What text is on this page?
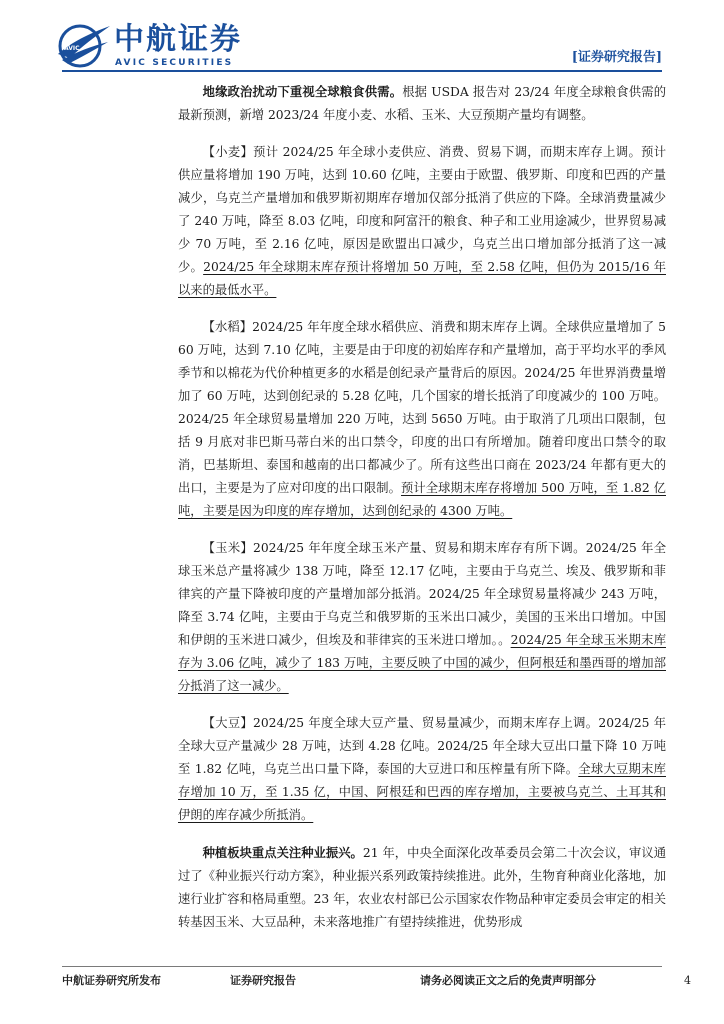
AVIC 中航证券
AVIC SECURITIES	[证券研究报告]

地缘政治扰动下重视全球粮食供需。根据 USDA 报告对 23/24 年度全球粮食供需的最新预测，新增 2023/24 年度小麦、水稻、玉米、大豆预期产量均有调整。

【小麦】预计 2024/25 年全球小麦供应、消费、贸易下调，而期末库存上调。预计供应量将增加 190 万吨，达到 10.60 亿吨，主要由于欧盟、俄罗斯、印度和巴西的产量减少，乌克兰产量增加和俄罗斯初期库存增加仅部分抵消了供应的下降。全球消费量减少了 240 万吨，降至 8.03 亿吨，印度和阿富汗的粮食、种子和工业用途减少，世界贸易减少 70 万吨，至 2.16 亿吨，原因是欧盟出口减少，乌克兰出口增加部分抵消了这一减少。2024/25 年全球期末库存预计将增加 50 万吨，至 2.58 亿吨，但仍为 2015/16 年以来的最低水平。

【水稻】2024/25 年年度全球水稻供应、消费和期末库存上调。全球供应量增加了 560 万吨，达到 7.10 亿吨，主要是由于印度的初始库存和产量增加，高于平均水平的季风季节和以棉花为代价种植更多的水稻是创纪录产量背后的原因。2024/25 年世界消费量增加了 60 万吨，达到创纪录的 5.28 亿吨，几个国家的增长抵消了印度减少的 100 万吨。2024/25 年全球贸易量增加 220 万吨，达到 5650 万吨。由于取消了几项出口限制，包括 9 月底对非巴斯马蒂白米的出口禁令，印度的出口有所增加。随着印度出口禁令的取消，巴基斯坦、泰国和越南的出口都减少了。所有这些出口商在 2023/24 年都有更大的出口，主要是为了应对印度的出口限制。预计全球期末库存将增加 500 万吨，至 1.82 亿吨，主要是因为印度的库存增加，达到创纪录的 4300 万吨。

【玉米】2024/25 年年度全球玉米产量、贸易和期末库存有所下调。2024/25 年全球玉米总产量将减少 138 万吨，降至 12.17 亿吨，主要由于乌克兰、埃及、俄罗斯和菲律宾的产量下降被印度的产量增加部分抵消。2024/25 年全球贸易量将减少 243 万吨，降至 3.74 亿吨，主要由于乌克兰和俄罗斯的玉米出口减少，美国的玉米出口增加。中国和伊朗的玉米进口减少，但埃及和菲律宾的玉米进口增加。。2024/25 年全球玉米期末库存为 3.06 亿吨，减少了 183 万吨，主要反映了中国的减少，但阿根廷和墨西哥的增加部分抵消了这一减少。

【大豆】2024/25 年度全球大豆产量、贸易量减少，而期末库存上调。2024/25 年全球大豆产量减少 28 万吨，达到 4.28 亿吨。2024/25 年全球大豆出口量下降 10 万吨至 1.82 亿吨，乌克兰出口量下降，泰国的大豆进口和压榨量有所下降。全球大豆期末库存增加 10 万，至 1.35 亿，中国、阿根廷和巴西的库存增加，主要被乌克兰、土耳其和伊朗的库存减少所抵消。

种植板块重点关注种业振兴。21 年，中央全面深化改革委员会第二十次会议，审议通过了《种业振兴行动方案》，种业振兴系列政策持续推进。此外，生物育种商业化落地，加速行业扩容和格局重塑。23 年，农业农村部已公示国家农作物品种审定委员会审定的相关转基因玉米、大豆品种，未来落地推广有望持续推进，优势形成

中航证券研究所发布	证券研究报告	请务必阅读正文之后的免责声明部分	4
